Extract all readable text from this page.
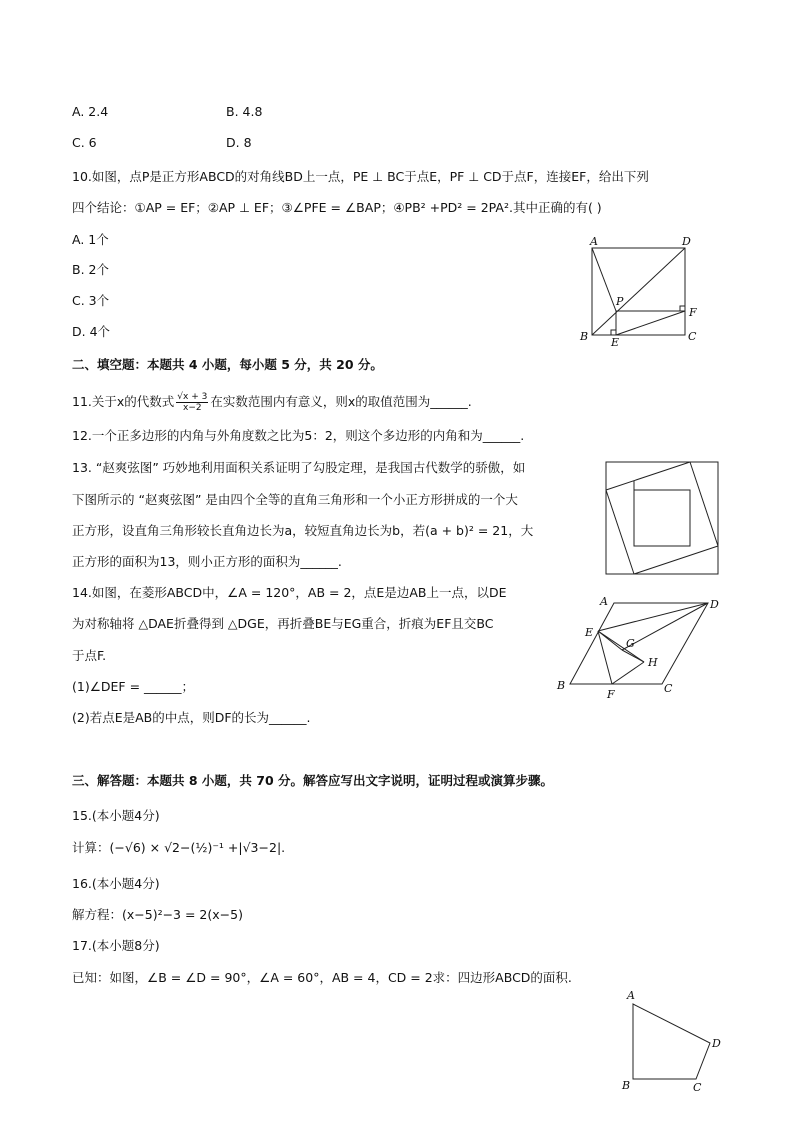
A. 2.4	B. 4.8
C. 6	D. 8
10.如图，点P是正方形ABCD的对角线BD上一点，PE ⊥ BC于点E，PF ⊥ CD于点F，连接EF，给出下列
四个结论：①AP = EF；②AP ⊥ EF；③∠PFE = ∠BAP；④PB² +PD² = 2PA².其中正确的有( )
A. 1个
B. 2个
C. 3个
D. 4个
A	D
P
F
B E	C
二、填空题：本题共 4 小题，每小题 5 分，共 20 分。
11.关于x的代数式 $\frac{√x + 3}{x-2}$ 在实数范围内有意义，则x的取值范围为______.
12.一个正多边形的内角与外角度数之比为5：2，则这个多边形的内角和为______.
13. “赵爽弦图” 巧妙地利用面积关系证明了勾股定理，是我国古代数学的骄傲，如
下图所示的 “赵爽弦图” 是由四个全等的直角三角形和一个小正方形拼成的一个大
正方形，设直角三角形较长直角边长为a，较短直角边长为b，若(a + b)² = 21，大
正方形的面积为13，则小正方形的面积为______.
14.如图，在菱形ABCD中，∠A = 120°，AB = 2，点E是边AB上一点，以DE
为对称轴将 △DAE折叠得到 △DGE，再折叠BE与EG重合，折痕为EF且交BC
于点F.
(1)∠DEF = ______；
(2)若点E是AB的中点，则DF的长为______.
A	D
E
G
H
B
F	C
三、解答题：本题共 8 小题，共 70 分。解答应写出文字说明，证明过程或演算步骤。
15.(本小题4分)
计算：(−√6) × √2−(½)⁻¹ +|√3−2|.
16.(本小题4分)
解方程：(x−5)²−3 = 2(x−5)
17.(本小题8分)
已知：如图，∠B = ∠D = 90°，∠A = 60°，AB = 4，CD = 2求：四边形ABCD的面积.
A
D
B	C
